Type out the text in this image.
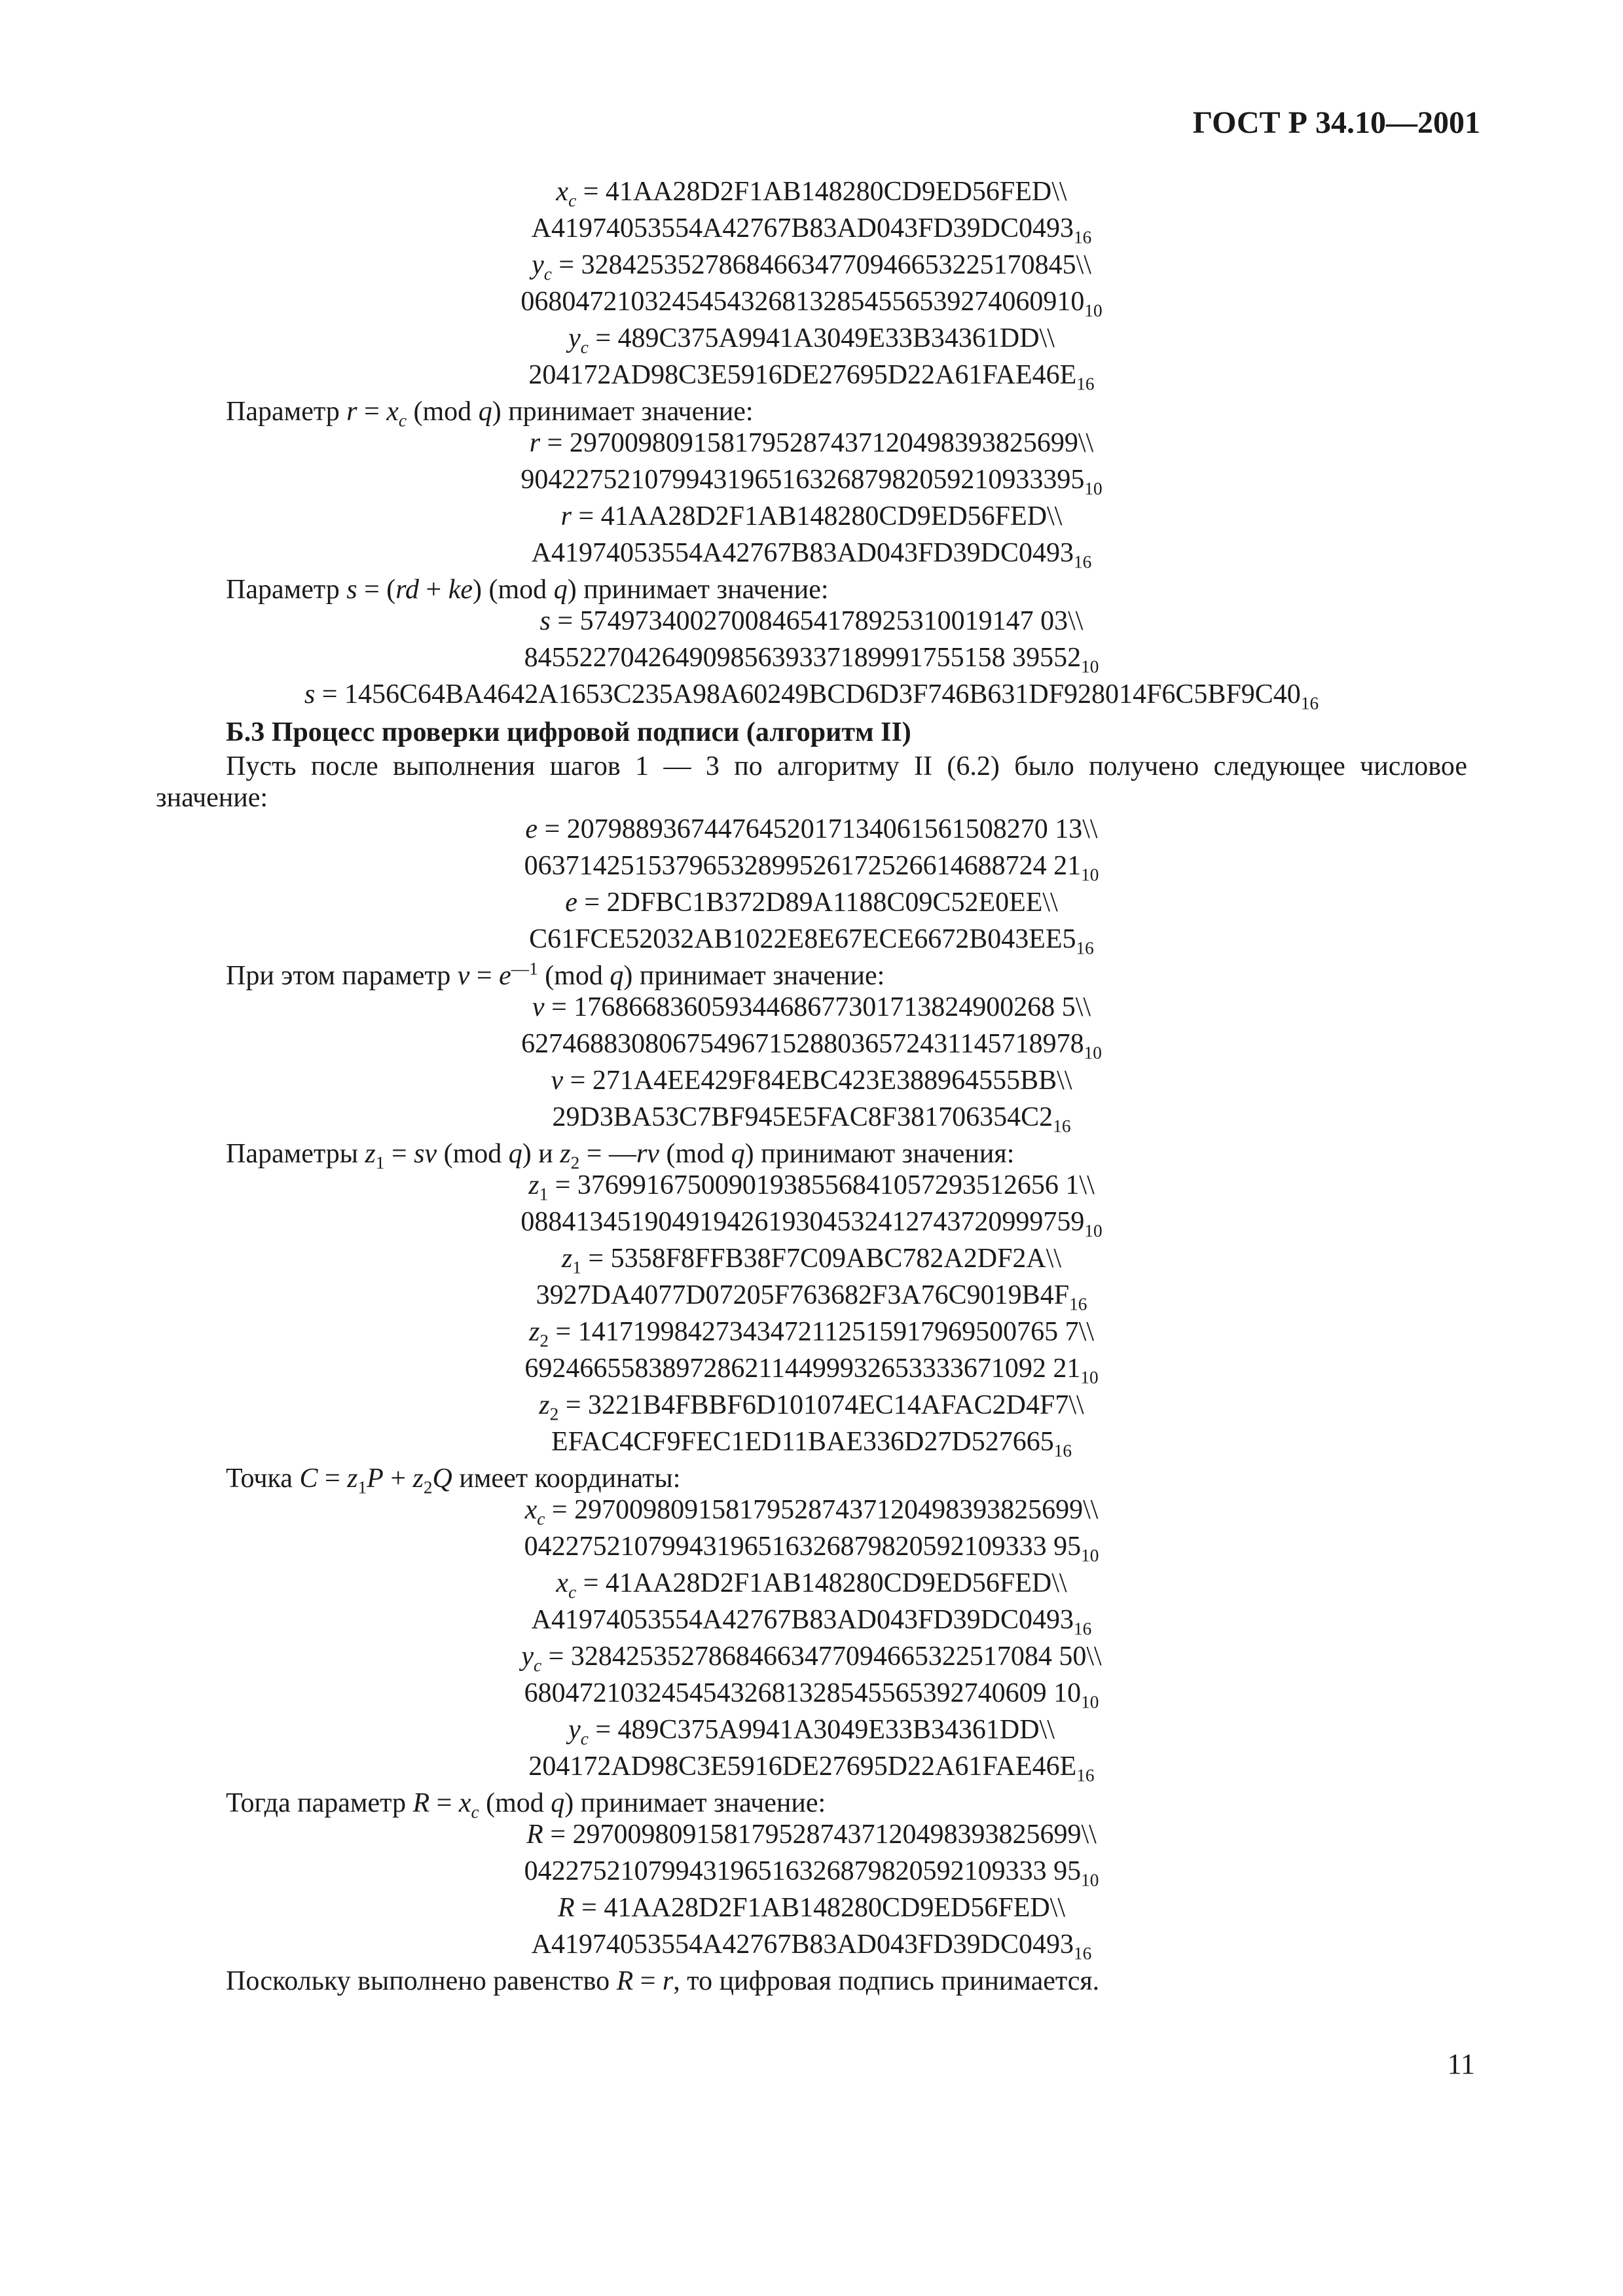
ГОСТ Р 34.10—2001
$x_c$ = 41AA28D2F1AB148280CD9ED56FED\\
$A41974053554A42767B83AD043FD39DC0493_{16}$
$y_c$ = 328425352786846634770946653225170845\\
$06804721032454543268132854556539274060910_{10}$
$y_c$ = 489C375A9941A3049E33B34361DD\\
$204172AD98C3E5916DE27695D22A61FAE46E_{16}$
Параметр $r = x_c$ (mod q) принимает значение:
r = 2970098091581795287437120498393825699\\
$90422752107994319651632687982059210933395_{10}$
r = 41AA28D2F1AB148280CD9ED56FED\\
$A41974053554A42767B83AD043FD39DC0493_{16}$
Параметр s = (rd + ke) (mod q) принимает значение:
s = 574973400270084654178925310019147 03\\
84552270426490985639337189991755158 $39552_{10}$
$s = 1456C64BA4642A1653C235A98A60249BCD6D3F746B631DF928014F6C5BF9C40_{16}$
Б.3 Процесс проверки цифровой подписи (алгоритм II)
Пусть после выполнения шагов 1 — 3 по алгоритму II (6.2) было получено следующее числовое
значение:
e = 20798893674476452017134061561508270 13\\
06371425153796532899526172526614688724 $21_{10}$
e = 2DFBC1B372D89A1188C09C52E0EE\\
$C61FCE52032AB1022E8E67ECE6672B043EE5_{16}$
При этом параметр $v = e^{—1}$ (mod q) принимает значение:
v = 17686683605934468677301713824900268 5\\
$62746883080675496715288036572431145718978_{10}$
v = 271A4EE429F84EBC423E388964555BB\\
$29D3BA53C7BF945E5FAC8F381706354C2_{16}$
Параметры $z_1$ = sv (mod q) и $z_2$ = —rv (mod q) принимают значения:
$z_1 = 37699167500901938556841057293512656$ 1\\
$08841345190491942619304532412743720999759_{10}$
$z_1$ = 5358F8FFB38F7C09ABC782A2DF2A\\
$3927DA4077D07205F763682F3A76C9019B4F_{16}$
$z_2 = 14171998427343472112515917969500765$ 7\\
69246655838972862114499932653333671092 $21_{10}$
$z_2$ = 3221B4FBBF6D101074EC14AFAC2D4F7\\
$EFAC4CF9FEC1ED11BAE336D27D527665_{16}$
Точка $C = z_1P + z_2Q$ имеет координаты:
$x_c$ = 2970098091581795287437120498393825699\\
04227521079943196516326879820592109333 $95_{10}$
$x_c$ = 41AA28D2F1AB148280CD9ED56FED\\
$A41974053554A42767B83AD043FD39DC0493_{16}$
$y_c = 32842535278684663477094665322517084$ 50\\
68047210324545432681328545565392740609 $10_{10}$
$y_c$ = 489C375A9941A3049E33B34361DD\\
$204172AD98C3E5916DE27695D22A61FAE46E_{16}$
Тогда параметр $R = x_c$ (mod q) принимает значение:
R = 2970098091581795287437120498393825699\\
04227521079943196516326879820592109333 $95_{10}$
R = 41AA28D2F1AB148280CD9ED56FED\\
$A41974053554A42767B83AD043FD39DC0493_{16}$
Поскольку выполнено равенство R = r, то цифровая подпись принимается.
11
